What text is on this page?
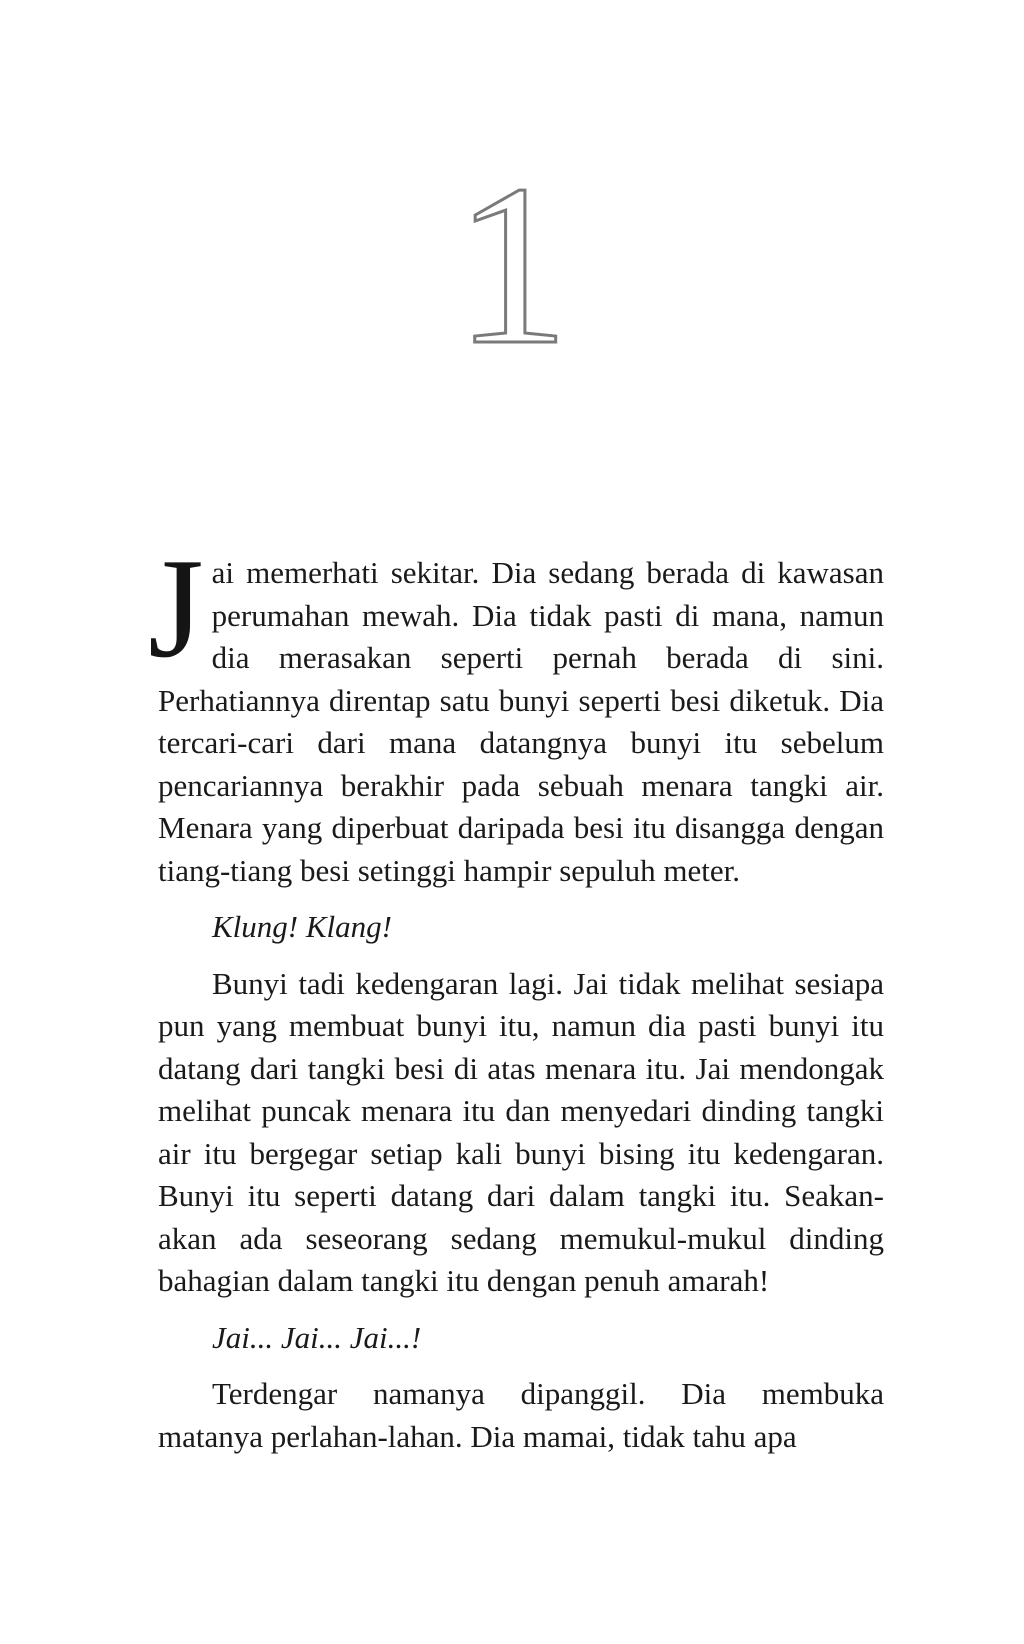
1

Jai memerhati sekitar. Dia sedang berada di kawasan perumahan mewah. Dia tidak pasti di mana, namun dia merasakan seperti pernah berada di sini. Perhatiannya direntap satu bunyi seperti besi diketuk. Dia tercari-cari dari mana datangnya bunyi itu sebelum pencariannya berakhir pada sebuah menara tangki air. Menara yang diperbuat daripada besi itu disangga dengan tiang-tiang besi setinggi hampir sepuluh meter.

Klung! Klang!

Bunyi tadi kedengaran lagi. Jai tidak melihat sesiapa pun yang membuat bunyi itu, namun dia pasti bunyi itu datang dari tangki besi di atas menara itu. Jai mendongak melihat puncak menara itu dan menyedari dinding tangki air itu bergegar setiap kali bunyi bising itu kedengaran. Bunyi itu seperti datang dari dalam tangki itu. Seakan-akan ada seseorang sedang memukul-mukul dinding bahagian dalam tangki itu dengan penuh amarah!

Jai... Jai... Jai...!

Terdengar namanya dipanggil. Dia membuka matanya perlahan-lahan. Dia mamai, tidak tahu apa
